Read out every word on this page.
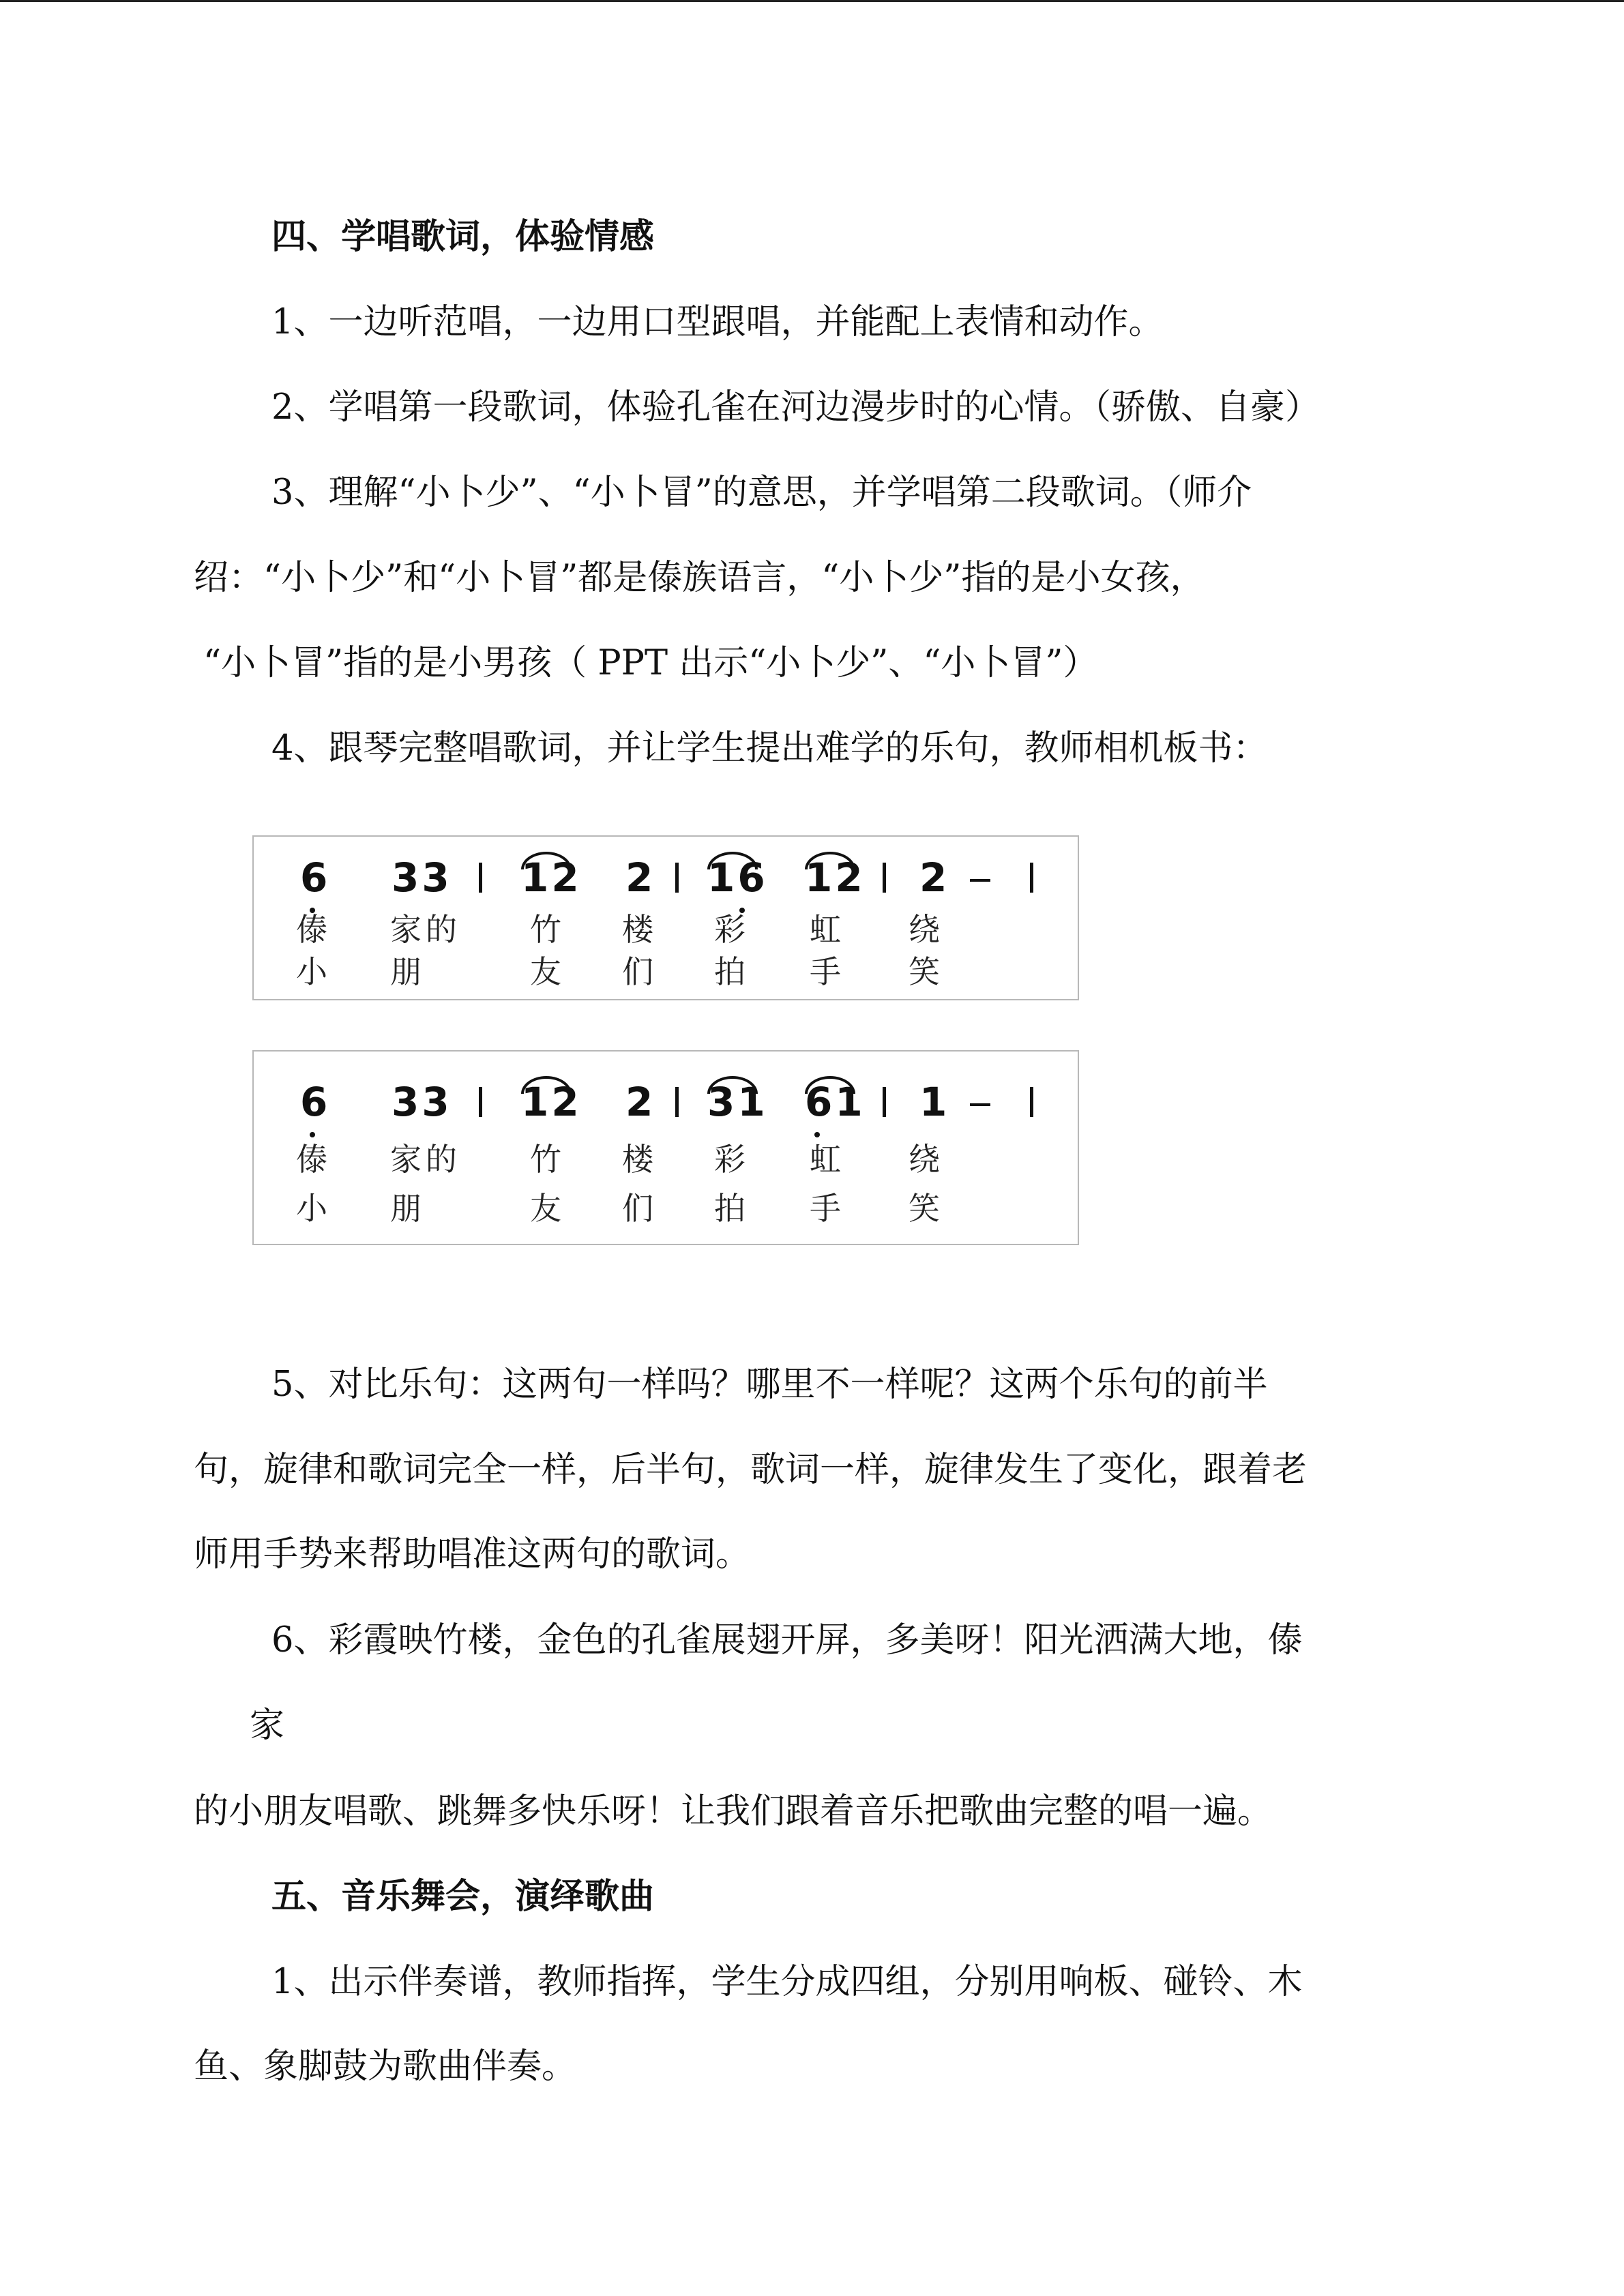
四、学唱歌词，体验情感

1、一边听范唱，一边用口型跟唱，并能配上表情和动作。

2、学唱第一段歌词，体验孔雀在河边漫步时的心情。（骄傲、自豪）

3、理解“小卜少”、“小卜冒”的意思，并学唱第二段歌词。（师介

绍：“小卜少”和“小卜冒”都是傣族语言，“小卜少”指的是小女孩，

“小卜冒”指的是小男孩（ PPT 出示“小卜少”、“小卜冒”）

4、跟琴完整唱歌词，并让学生提出难学的乐句，教师相机板书：

6 33 12 2 16 12 2
傣 家的 竹 楼 彩 虹 绕
小 朋	友 们 拍 手 笑
6 33 12 2 31 61 1
傣 家的 竹 楼 彩 虹 绕
小 朋	友 们 拍 手 笑

5、对比乐句：这两句一样吗？哪里不一样呢？这两个乐句的前半

句，旋律和歌词完全一样，后半句，歌词一样，旋律发生了变化，跟着老

师用手势来帮助唱准这两句的歌词。

6、彩霞映竹楼，金色的孔雀展翅开屏，多美呀！阳光洒满大地，傣

家

的小朋友唱歌、跳舞多快乐呀！让我们跟着音乐把歌曲完整的唱一遍。

五、音乐舞会，演绎歌曲

1、出示伴奏谱，教师指挥，学生分成四组，分别用响板、碰铃、木

鱼、象脚鼓为歌曲伴奏。
